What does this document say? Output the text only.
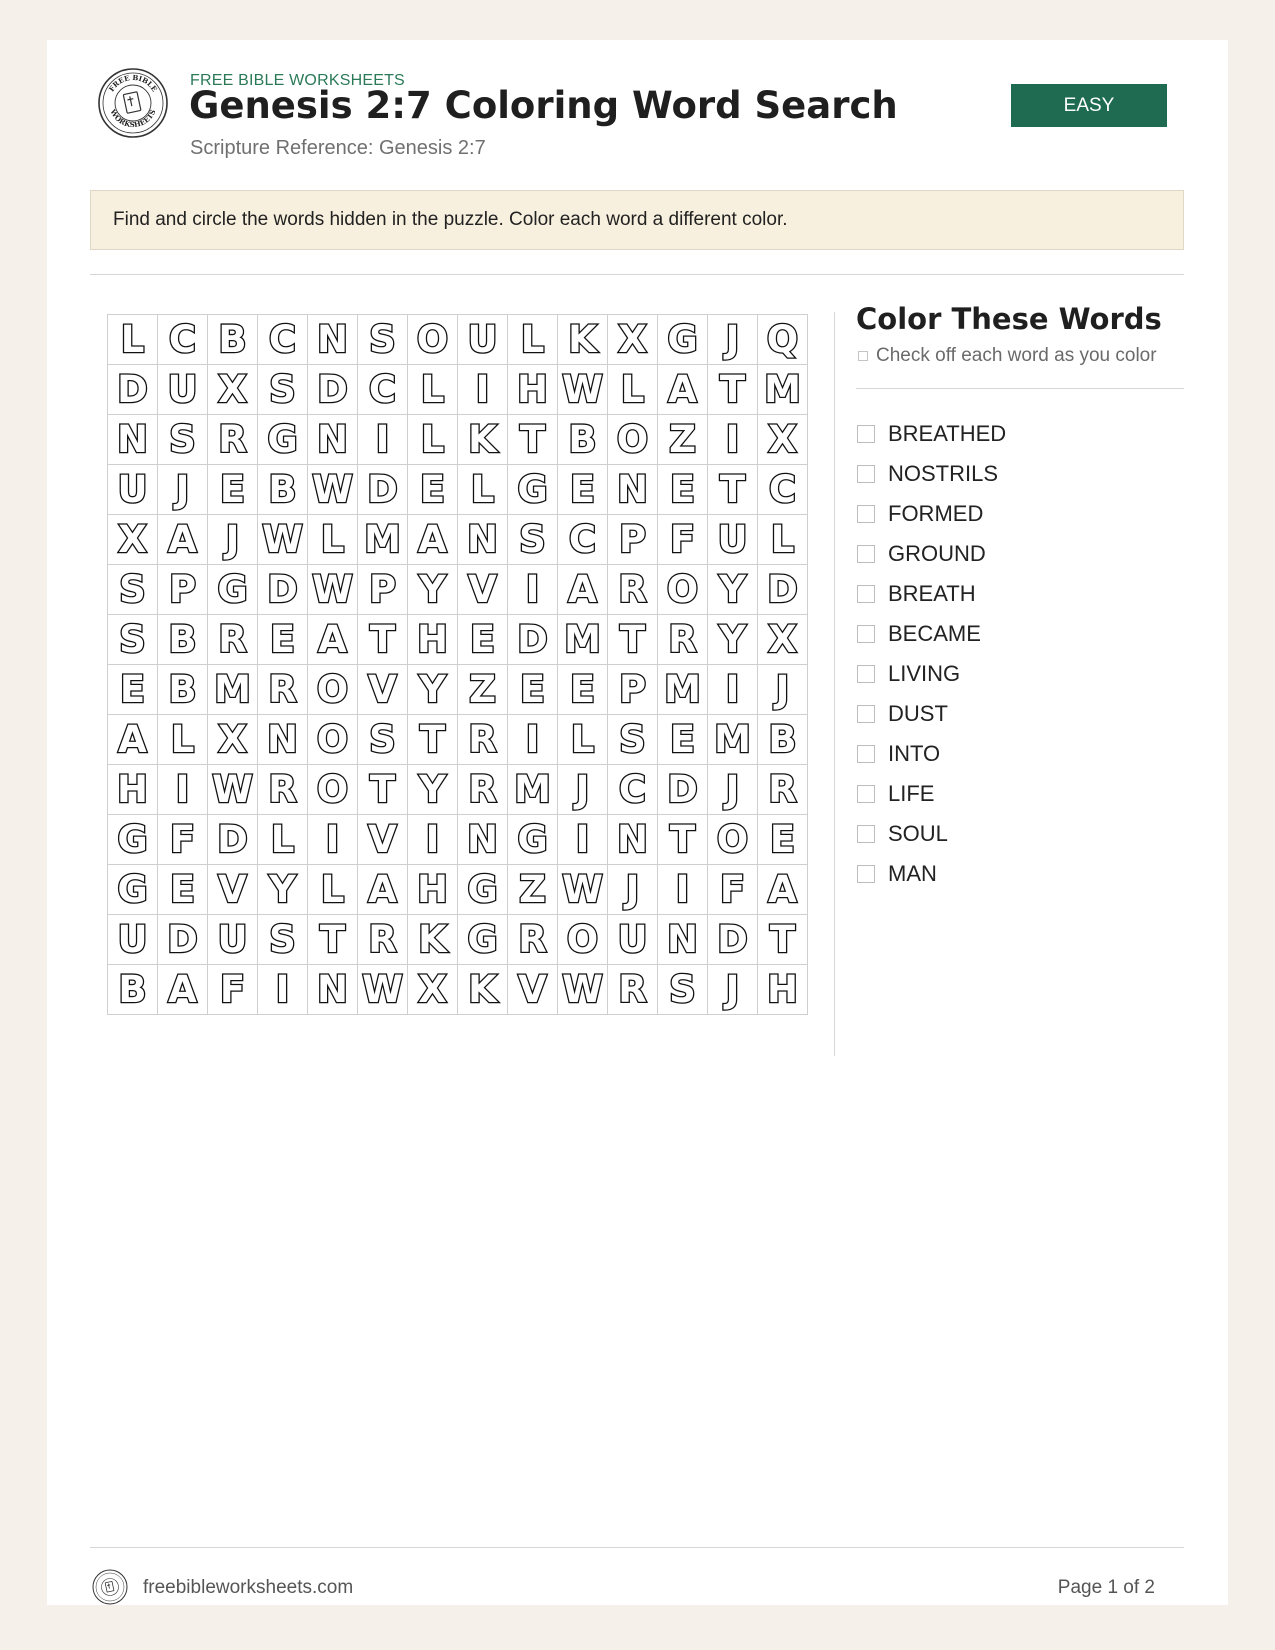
FREE BIBLE
WORKSHEETS
FREE BIBLE WORKSHEETS
Genesis 2:7 Coloring Word Search
Scripture Reference: Genesis 2:7
EASY
Find and circle the words hidden in the puzzle. Color each word a different color.
L C B C N S O U L K X G J Q
D U X S D C L I H W L A T M
N S R G N I L K T B O Z I X
U J E B W D E L G E N E T C
X A J W L M A N S C P F U L
S P G D W P Y V I A R O Y D
S B R E A T H E D M T R Y X
E B M R O V Y Z E E P M I J
A L X N O S T R I L S E M B
H I W R O T Y R M J C D J R
G F D L I V I N G I N T O E
G E V Y L A H G Z W J I F A
U D U S T R K G R O U N D T
B A F I N W X K V W R S J H
Color These Words
Check off each word as you color
BREATHED
NOSTRILS
FORMED
GROUND
BREATH
BECAME
LIVING
DUST
INTO
LIFE
SOUL
MAN
freebibleworksheets.com	Page 1 of 2
